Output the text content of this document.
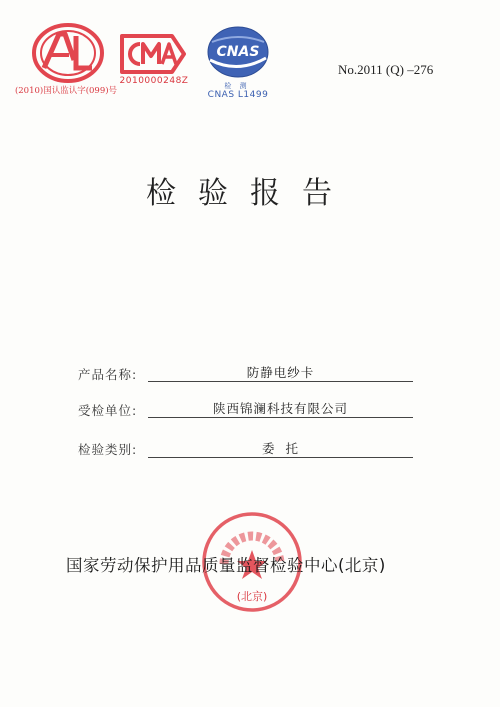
(2010)国认监认字(099)号
2010000248Z
CNAS
检 测
CNAS L1499
No.2011 (Q) –276
检验报告
产品名称:	防静电纱卡
受检单位:	陕西锦澜科技有限公司
检验类别:	委  托
(北京)
国家劳动保护用品质量监督检验中心(北京)
